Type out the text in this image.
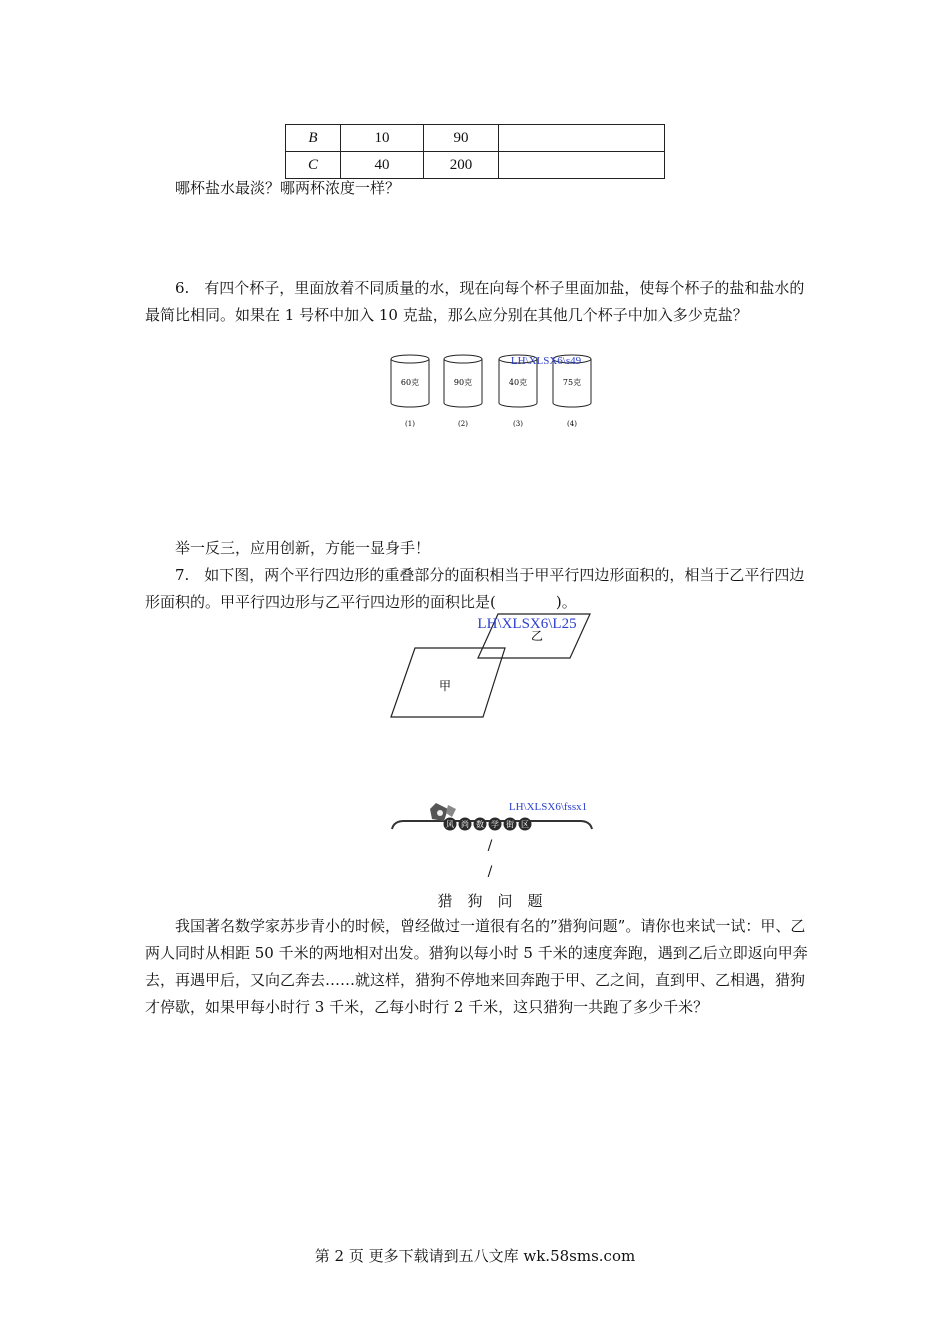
B	10	90	
C	40	200	
哪杯盐水最淡？哪两杯浓度一样？
6.　有四个杯子，里面放着不同质量的水，现在向每个杯子里面加盐，使每个杯子的盐和盐水的最简比相同。如果在 1 号杯中加入 10 克盐，那么应分别在其他几个杯子中加入多少克盐？
60克
(1)
90克
(2)
40克
(3)
75克
(4)
LH\XLSX6\s49
举一反三，应用创新，方能一显身手！
7.　如下图，两个平行四边形的重叠部分的面积相当于甲平行四边形面积的，相当于乙平行四边形面积的。甲平行四边形与乙平行四边形的面积比是(　　　　)。
甲
乙
LH\XLSX6\L25
风 尚 数 学 街 区
LH\XLSX6\fssx1
/
/
猎　狗　问　题
我国著名数学家苏步青小的时候，曾经做过一道很有名的”猎狗问题”。请你也来试一试：甲、乙两人同时从相距 50 千米的两地相对出发。猎狗以每小时 5 千米的速度奔跑，遇到乙后立即返向甲奔去，再遇甲后，又向乙奔去……就这样，猎狗不停地来回奔跑于甲、乙之间，直到甲、乙相遇，猎狗才停歇，如果甲每小时行 3 千米，乙每小时行 2 千米，这只猎狗一共跑了多少千米？
第 2 页 更多下载请到五八文库 wk.58sms.com
